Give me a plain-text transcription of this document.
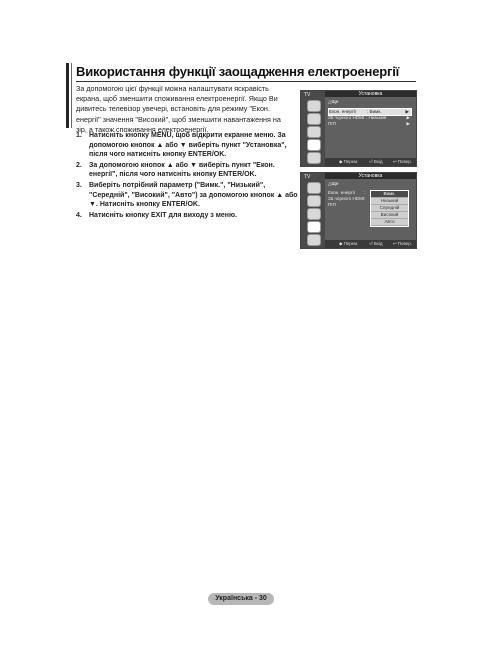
Використання функції заощадження електроенергії
За допомогою цієї функції можна налаштувати яскравість екрана, щоб зменшити споживання електроенергії. Якщо Ви дивитесь телевізор увечері, встановіть для режиму "Екон. енергії" значення "Високий", щоб зменшити навантаження на зір, а також споживання електроенергії.
1. Натисніть кнопку MENU, щоб відкрити екранне меню. За допомогою кнопок ▲ або ▼ виберіть пункт "Установка", після чого натисніть кнопку ENTER/OK.
2. За допомогою кнопок ▲ або ▼ виберіть пункт "Екон. енергії", після чого натисніть кнопку ENTER/OK.
3. Виберіть потрібний параметр ("Вимк.", "Низький", "Середній", "Високий", "Авто") за допомогою кнопок ▲ або ▼. Натисніть кнопку ENTER/OK.
4. Натисніть кнопку EXIT для виходу з меню.
TV	Установка
△Ще
Екон. енергії : Вимк.	▶
Зв.чорного HDMI : Низький	▶
ПІП	▶
◆ Перем. ⏎ Вхід ↩ Повер.
TV	Установка
△Ще
Екон. енергії :
Зв.чорного HDMI :
ПІП
◆ Перем. ⏎ Вхід ↩ Повер.
Вимк.
Низький
Середній
Високий
Авто
Українська - 30
